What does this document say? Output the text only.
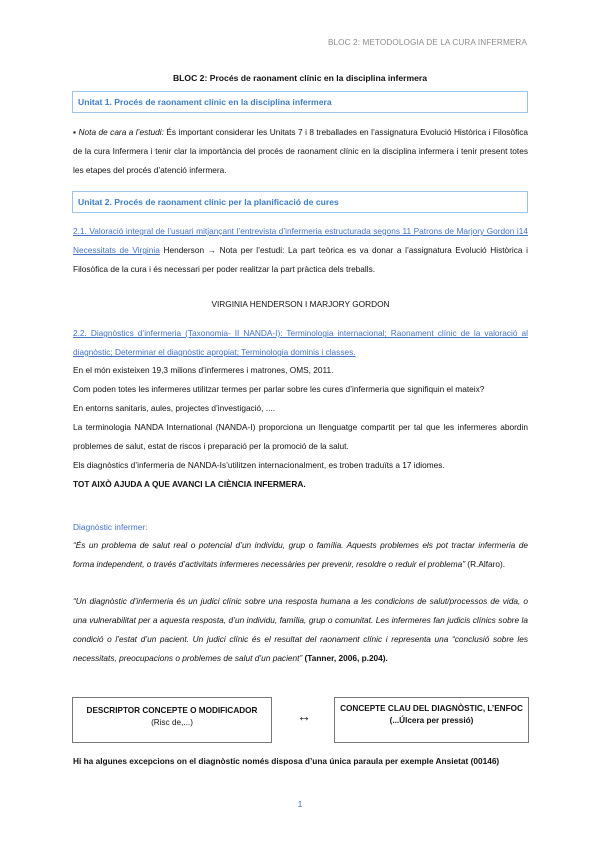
BLOC 2: METODOLOGIA DE LA CURA INFERMERA
BLOC 2: Procés de raonament clínic en la disciplina infermera
Unitat 1. Procés de raonament clínic en la disciplina infermera
▪ Nota de cara a l’estudi: És important considerar les Unitats 7 i 8 treballades en l’assignatura Evolució Històrica i Filosòfica de la cura Infermera i tenir clar la importància del procés de raonament clínic en la disciplina infermera i tenir present totes les etapes del procés d’atenció infermera.
Unitat 2. Procés de raonament clínic per la planificació de cures
2.1. Valoració integral de l’usuari mitjançant l’entrevista d’infermeria estructurada segons 11 Patrons de Marjory Gordon i14 Necessitats de Virginia Henderson → Nota per l’estudi: La part teòrica es va donar a l’assignatura Evolució Històrica i Filosòfica de la cura i és necessari per poder realitzar la part pràctica dels treballs.
VIRGINIA HENDERSON I MARJORY GORDON
2.2. Diagnòstics d’infermeria (Taxonomia- II NANDA-I): Terminologia internacional; Raonament clínic de la valoració al diagnòstic; Determinar el diagnòstic apropiat; Terminologia dominis i classes.
En el món existeixen 19,3 milions d’infermeres i matrones, OMS, 2011.
Com poden totes les infermeres utilitzar termes per parlar sobre les cures d’infermeria que signifiquin el mateix?
En entorns sanitaris, aules, projectes d’investigació, ....
La terminologia NANDA International (NANDA-I) proporciona un llenguatge compartit per tal que les infermeres abordin problemes de salut, estat de riscos i preparació per la promoció de la salut.
Els diagnòstics d’infermeria de NANDA-Is’utilitzen internacionalment, es troben traduïts a 17 idiomes.
TOT AIXÒ AJUDA A QUE AVANCI LA CIÈNCIA INFERMERA.
Diagnòstic infermer:
“És un problema de salut real o potencial d’un individu, grup o família. Aquests problemes els pot tractar infermeria de forma independent, o través d’activitats infermeres necessàries per prevenir, resoldre o reduir el problema” (R.Alfaro).
“Un diagnòstic d’infermeria és un judici clínic sobre una resposta humana a les condicions de salut/processos de vida, o una vulnerabilitat per a aquesta resposta, d’un individu, família, grup o comunitat. Les infermeres fan judicis clínics sobre la condició o l’estat d’un pacient. Un judici clínic és el resultat del raonament clínic i representa una “conclusió sobre les necessitats, preocupacions o problemes de salut d’un pacient” (Tanner, 2006, p.204).
DESCRIPTOR CONCEPTE O MODIFICADOR
(Risc de,...)	↔	CONCEPTE CLAU DEL DIAGNÒSTIC, L’ENFOC
(...Úlcera per pressió)
Hi ha algunes excepcions on el diagnòstic només disposa d’una única paraula per exemple Ansietat (00146)
1
